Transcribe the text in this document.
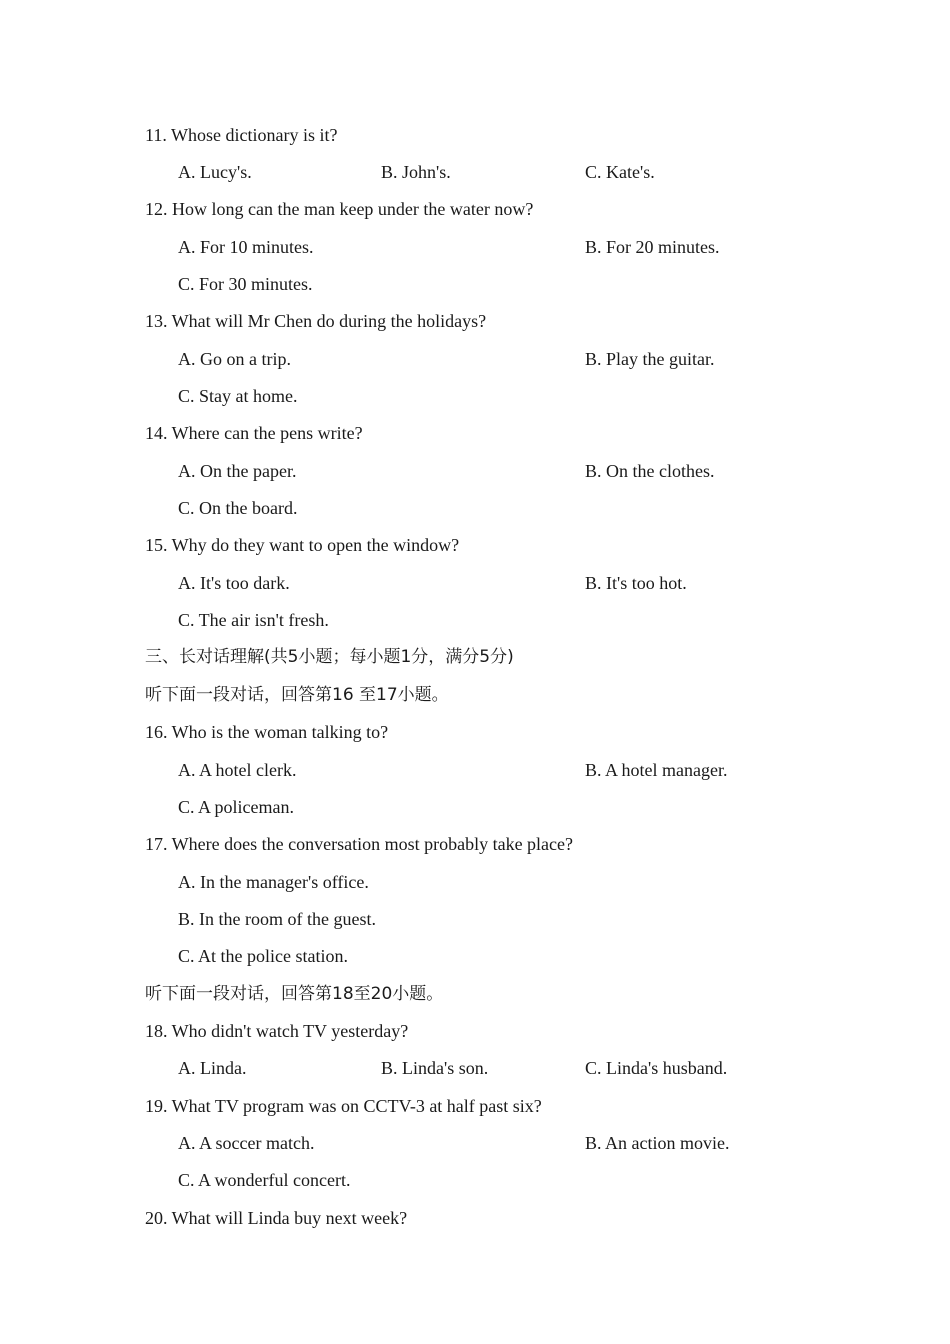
11. Whose dictionary is it?
A. Lucy's.	B. John's.	C. Kate's.
12. How long can the man keep under the water now?
A. For 10 minutes.	B. For 20 minutes.
C. For 30 minutes.
13. What will Mr Chen do during the holidays?
A. Go on a trip.	B. Play the guitar.
C. Stay at home.
14. Where can the pens write?
A. On the paper.	B. On the clothes.
C. On the board.
15. Why do they want to open the window?
A. It's too dark.	B. It's too hot.
C. The air isn't fresh.
三、长对话理解(共5小题；每小题1分，满分5分)
听下面一段对话，回答第16 至17小题。
16. Who is the woman talking to?
A. A hotel clerk.	B. A hotel manager.
C. A policeman.
17. Where does the conversation most probably take place?
A. In the manager's office.
B. In the room of the guest.
C. At the police station.
听下面一段对话，回答第18至20小题。
18. Who didn't watch TV yesterday?
A. Linda.	B. Linda's son.	C. Linda's husband.
19. What TV program was on CCTV-3 at half past six?
A. A soccer match.	B. An action movie.
C. A wonderful concert.
20. What will Linda buy next week?
